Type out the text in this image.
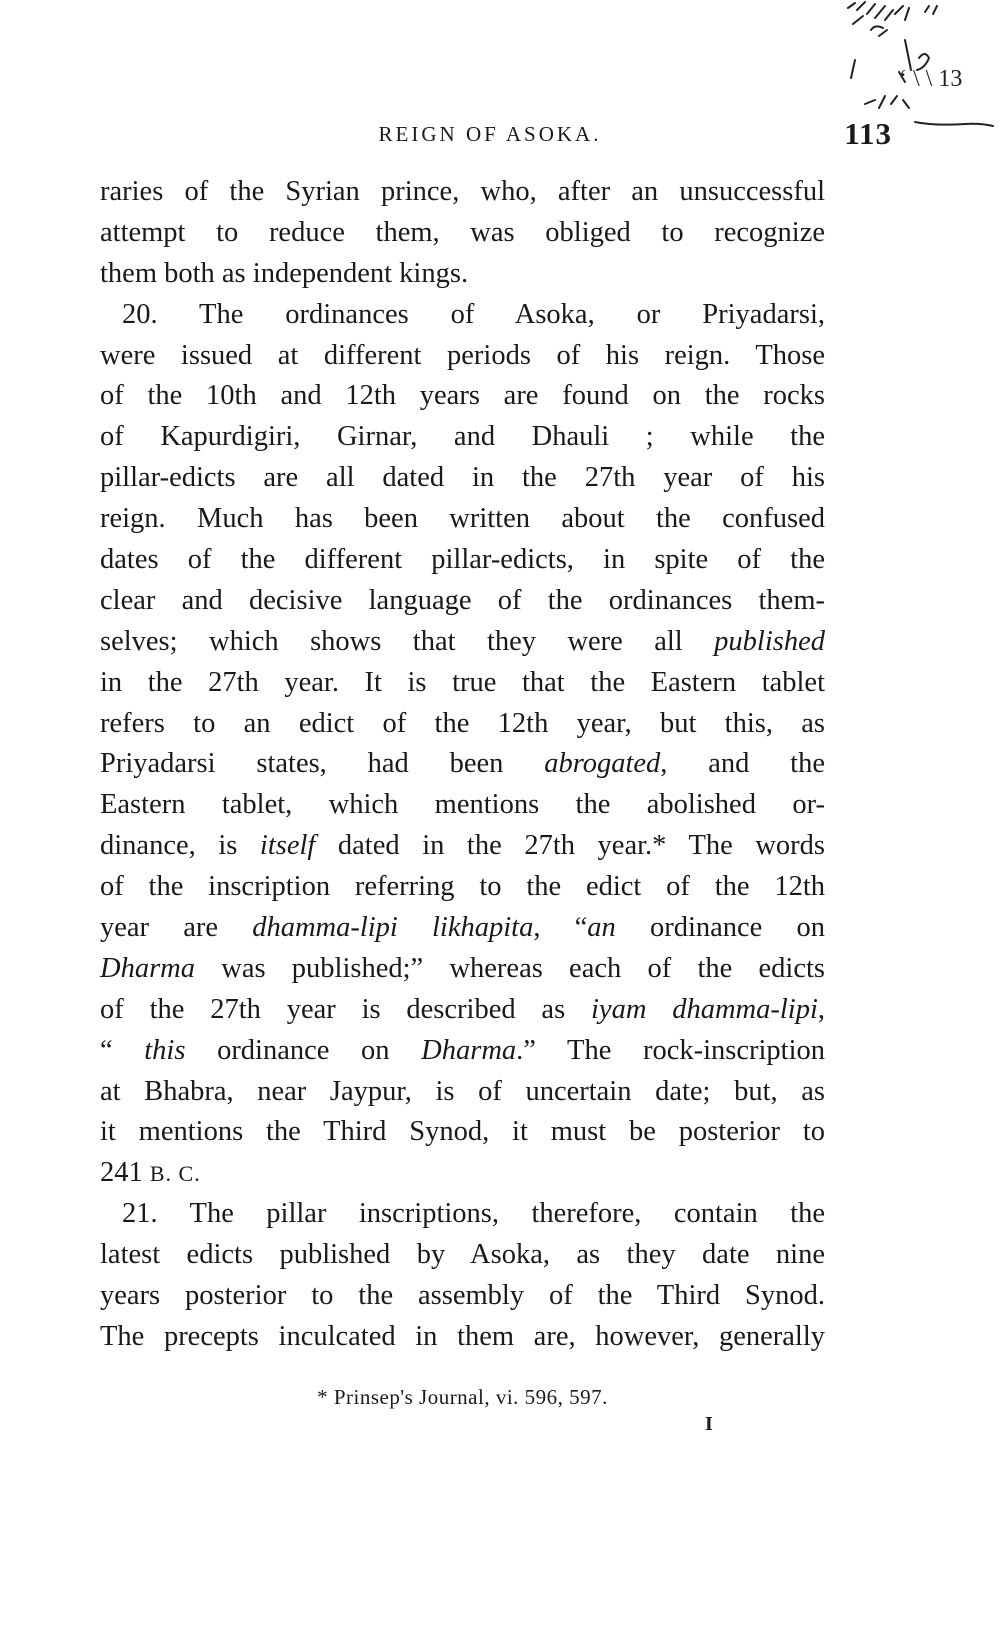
‘ \ \ 13
REIGN OF ASOKA.	113
raries of the Syrian prince, who, after an unsuccessful
attempt to reduce them, was obliged to recognize
them both as independent kings.
20. The ordinances of Asoka, or Priyadarsi,
were issued at different periods of his reign. Those
of the 10th and 12th years are found on the rocks
of Kapurdigiri, Girnar, and Dhauli ; while the
pillar-edicts are all dated in the 27th year of his
reign. Much has been written about the confused
dates of the different pillar-edicts, in spite of the
clear and decisive language of the ordinances them-
selves; which shows that they were all published
in the 27th year. It is true that the Eastern tablet
refers to an edict of the 12th year, but this, as
Priyadarsi states, had been abrogated, and the
Eastern tablet, which mentions the abolished or-
dinance, is itself dated in the 27th year.* The words
of the inscription referring to the edict of the 12th
year are dhamma-lipi likhapita, “an ordinance on
Dharma was published;” whereas each of the edicts
of the 27th year is described as iyam dhamma-lipi,
“ this ordinance on Dharma.” The rock-inscription
at Bhabra, near Jaypur, is of uncertain date; but, as
it mentions the Third Synod, it must be posterior to
241 B. C.
21. The pillar inscriptions, therefore, contain the
latest edicts published by Asoka, as they date nine
years posterior to the assembly of the Third Synod.
The precepts inculcated in them are, however, generally
* Prinsep's Journal, vi. 596, 597.
I
